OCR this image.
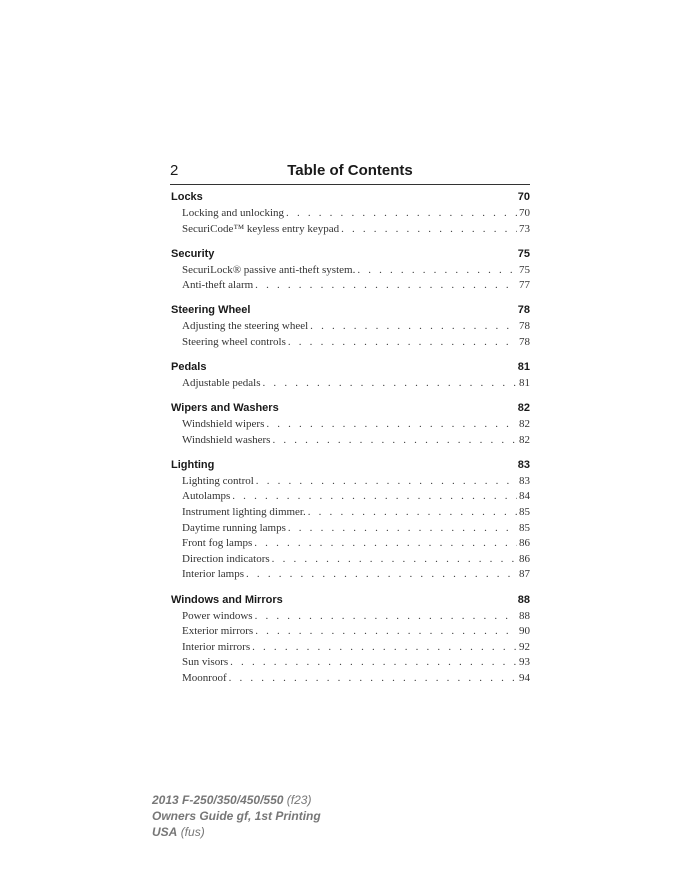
2	Table of Contents
Locks	70
Locking and unlocking . . .	70
SecuriCode™ keyless entry keypad . . .	73
Security	75
SecuriLock® passive anti-theft system. . . .	75
Anti-theft alarm . . .	77
Steering Wheel	78
Adjusting the steering wheel . . .	78
Steering wheel controls . . .	78
Pedals	81
Adjustable pedals . . .	81
Wipers and Washers	82
Windshield wipers . . .	82
Windshield washers . . .	82
Lighting	83
Lighting control . . .	83
Autolamps . . .	84
Instrument lighting dimmer. . . .	85
Daytime running lamps . . .	85
Front fog lamps . . .	86
Direction indicators . . .	86
Interior lamps . . .	87
Windows and Mirrors	88
Power windows . . .	88
Exterior mirrors . . .	90
Interior mirrors . . .	92
Sun visors . . .	93
Moonroof . . .	94
2013 F-250/350/450/550 (f23)
Owners Guide gf, 1st Printing
USA (fus)
